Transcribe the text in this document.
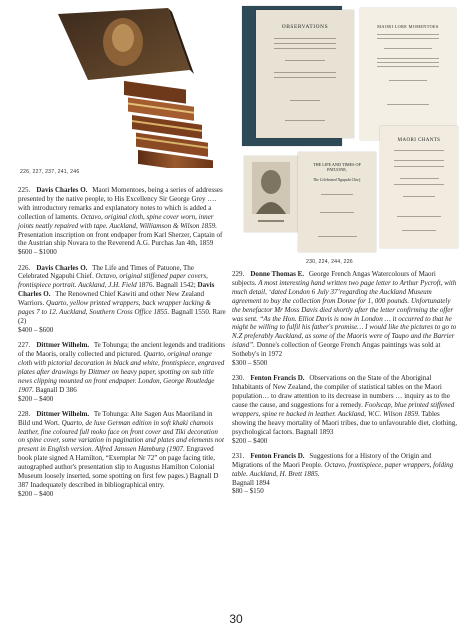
226, 227, 237, 241, 246
OBSERVATIONS	MAORI LORE MOMENTOES
THE LIFE AND TIMES OF PATUONE,
The Celebrated Ngapuhi Chief.
MAORI CHANTS
230, 224, 244, 226

225. Davis Charles O. Maori Momentoes, being a series of addresses presented by the native people, to His Excellency Sir George Grey …. with introductory remarks and explanatory notes to which is added a collection of laments. Octavo, original cloth, spine cover worn, inner joints neatly repaired with tape. Auckland, Williamson & Wilson 1859. Presentation inscription on front endpaper from Karl Sherzer, Captain of the Austrian ship Novara to the Reverend A.G. Purchas Jan 4th, 1859
$600 – $1000

226. Davis Charles O. The Life and Times of Patuone, The Celebrated Ngapuhi Chief. Octavo, original stiffened paper covers, frontispiece portrait. Auckland, J.H. Field 1876. Bagnall 1542; Davis Charles O. The Renowned Chief Kawiti and other New Zealand Warriors. Quarto, yellow printed wrappers, back wrapper lacking & pages 7 to 12. Auckland, Southern Cross Office 1855. Bagnall 1550. Rare (2)
$400 – $600

227. Dittmer Wilhelm. Te Tohunga; the ancient legends and traditions of the Maoris, orally collected and pictured. Quarto, original orange cloth with pictorial decoration in black and white, frontispiece, engraved plates after drawings by Dittmer on heavy paper, spotting on sub title news clipping mounted on front endpaper. London, George Routledge 1907. Bagnall D 386
$200 – $400

228. Dittmer Wilhelm. Te Tohunga: Alte Sagen Aus Maoriland in Bild und Wort. Quarto, de luxe German edition in soft khaki chamois leather, fine coloured full moko face on front cover and Tiki decoration on spine cover, some variation in pagination and plates and elements not present in English version. Alfred Janssen Hamburg (1907. Engraved book plate signed A Hamilton, “Exemplar Nr 72” on page facing title, autographed author's presentation slip to Augustus Hamilton Colonial Museum loosely inserted, some spotting on first few pages.) Bagnall D 387 Inadequately described in bibliographical entry.
$200 – $400

229. Donne Thomas E. George French Angas Watercolours of Maori subjects. A most interesting hand written two page letter to Arthur Pycroft, with much detail, ‘dated London 6 July 37’regarding the Auckland Museum agreement to buy the collection from Donne for 1, 000 pounds. Unfortunately the benefactor Mr Moss Davis died shortly after the letter confirming the offer was sent. “As the Hon. Elliot Davis is now in London … it occurred to that he might be willing to fulfil his father's promise… I would like the pictures to go to N.Z preferably Auckland, as some of the Maoris were of Taupo and the Barrier island”. Donne's collection of George French Angas paintings was sold at Sotheby's in 1972
$300 – $500

230. Fenton Francis D. Observations on the State of the Aboriginal Inhabitants of New Zealand, the compiler of statistical tables on the Maori population… to draw attention to its decrease in numbers … inquiry as to the cause the cause, and suggestions for a remedy. Foolscap, blue printed stiffened wrappers, spine re backed in leather. Auckland, W.C. Wilson 1859. Tables showing the heavy mortality of Maori tribes, due to unfavourable diet, clothing, psychological factors. Bagnall 1893
$200 – $400

231. Fenton Francis D. Suggestions for a History of the Origin and Migrations of the Maori People. Octavo, frontispiece, paper wrappers, folding table. Auckland, H. Brett 1885.
Bagnall 1894
$80 – $150

30
